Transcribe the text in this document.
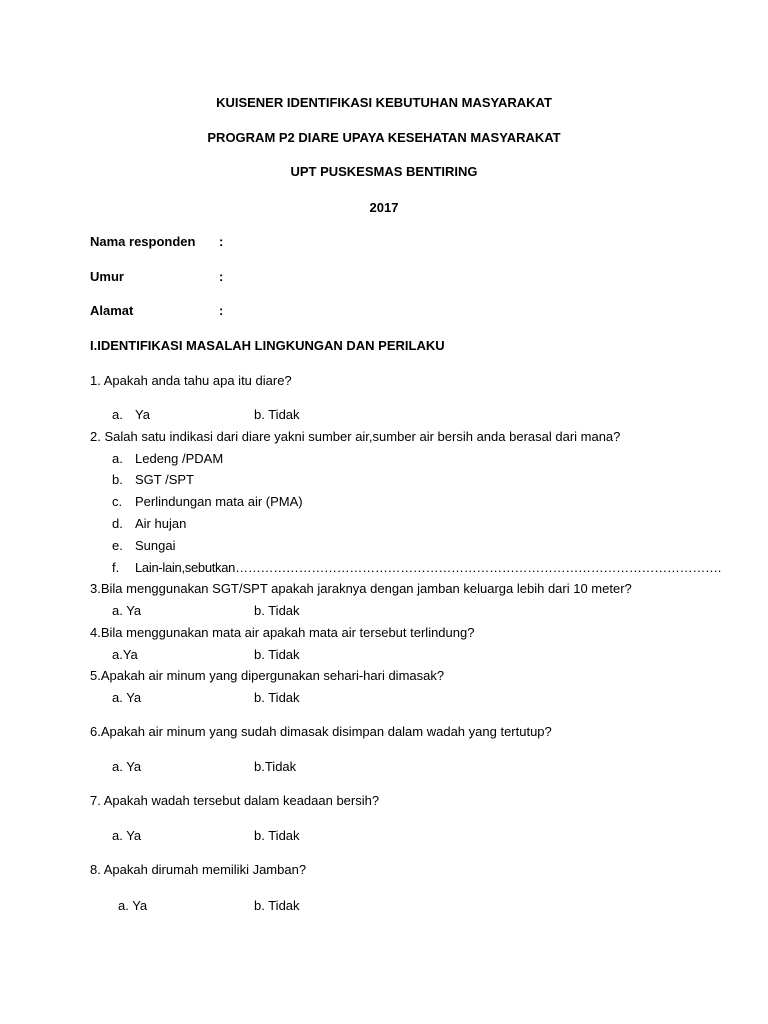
KUISENER IDENTIFIKASI KEBUTUHAN MASYARAKAT
PROGRAM P2 DIARE UPAYA KESEHATAN MASYARAKAT
UPT PUSKESMAS BENTIRING
2017
Nama responden :
Umur	:
Alamat	:
I.IDENTIFIKASI MASALAH LINGKUNGAN DAN PERILAKU
1. Apakah anda tahu apa itu diare?
a. Ya	b. Tidak
2. Salah satu indikasi dari diare yakni sumber air,sumber air bersih anda berasal dari mana?
a. Ledeng /PDAM
b. SGT /SPT
c. Perlindungan mata air (PMA)
d. Air hujan
e. Sungai
f. Lain-lain,sebutkan…………………………………………………………………………………………………….
3.Bila menggunakan SGT/SPT apakah jaraknya dengan jamban keluarga lebih dari 10 meter?
a. Ya	b. Tidak
4.Bila menggunakan mata air apakah mata air tersebut terlindung?
a.Ya	b. Tidak
5.Apakah air minum yang dipergunakan sehari-hari dimasak?
a. Ya	b. Tidak
6.Apakah air minum yang sudah dimasak disimpan dalam wadah yang tertutup?
a. Ya	b.Tidak
7. Apakah wadah tersebut dalam keadaan bersih?
a. Ya	b. Tidak
8. Apakah dirumah memiliki Jamban?
a. Ya	b. Tidak
